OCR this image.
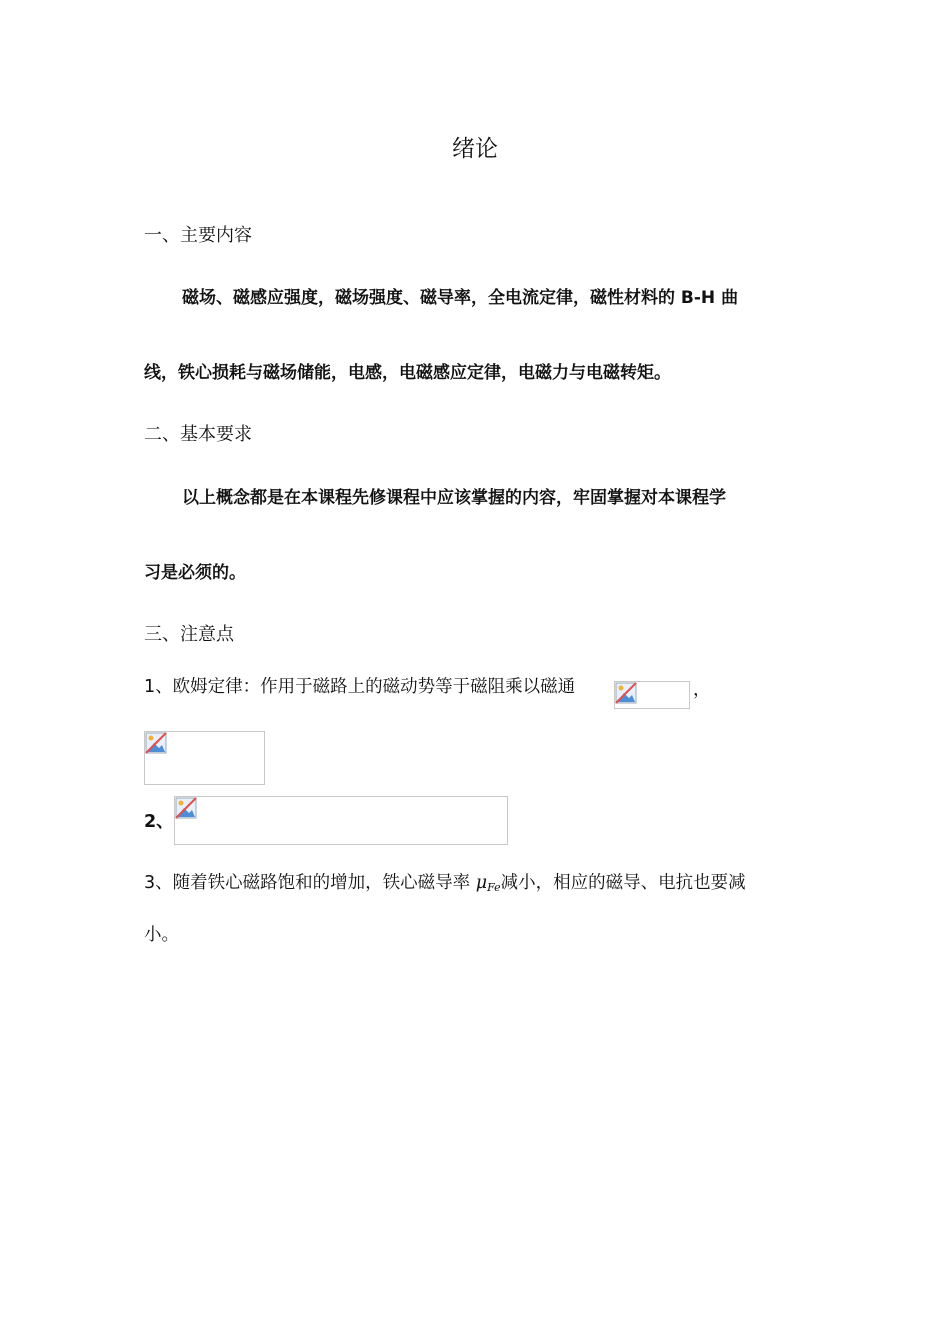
绪论
一、主要内容
磁场、磁感应强度，磁场强度、磁导率，全电流定律，磁性材料的 B-H 曲
线，铁心损耗与磁场储能，电感，电磁感应定律，电磁力与电磁转矩。
二、基本要求
以上概念都是在本课程先修课程中应该掌握的内容，牢固掌握对本课程学
习是必须的。
三、注意点
1、欧姆定律：作用于磁路上的磁动势等于磁阻乘以磁通	，
2、
3、随着铁心磁路饱和的增加，铁心磁导率 $\mu_{Fe}$减小，相应的磁导、电抗也要减
小。
